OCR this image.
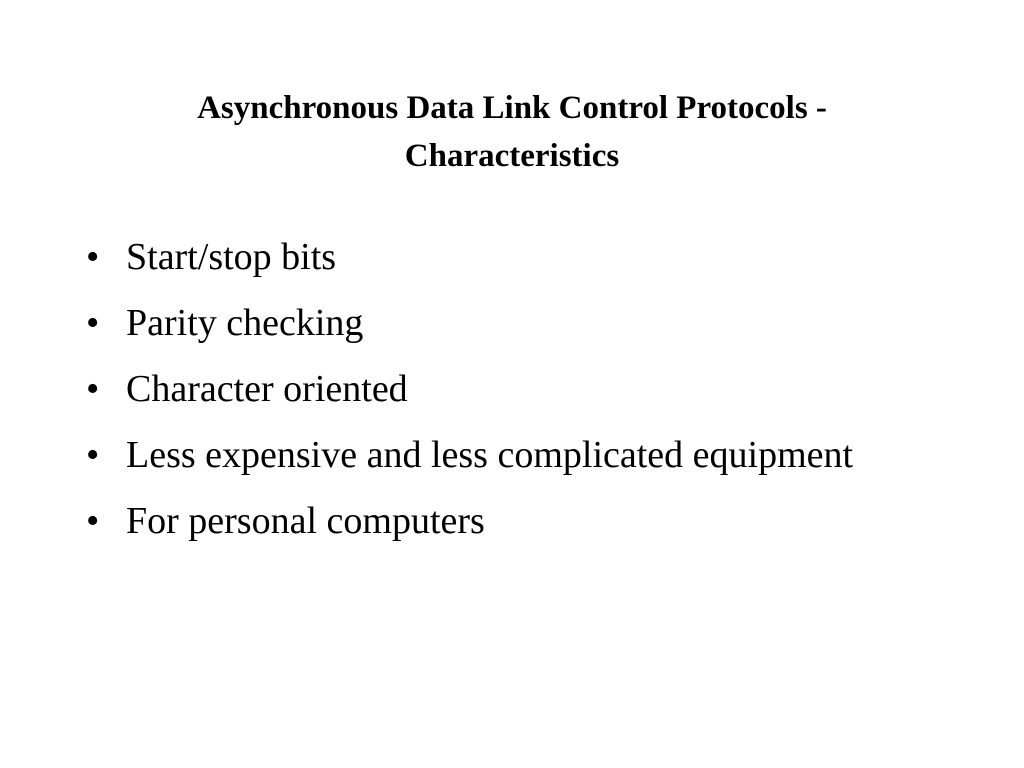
Asynchronous Data Link Control Protocols -
Characteristics
• Start/stop bits
• Parity checking
• Character oriented
• Less expensive and less complicated equipment
• For personal computers
